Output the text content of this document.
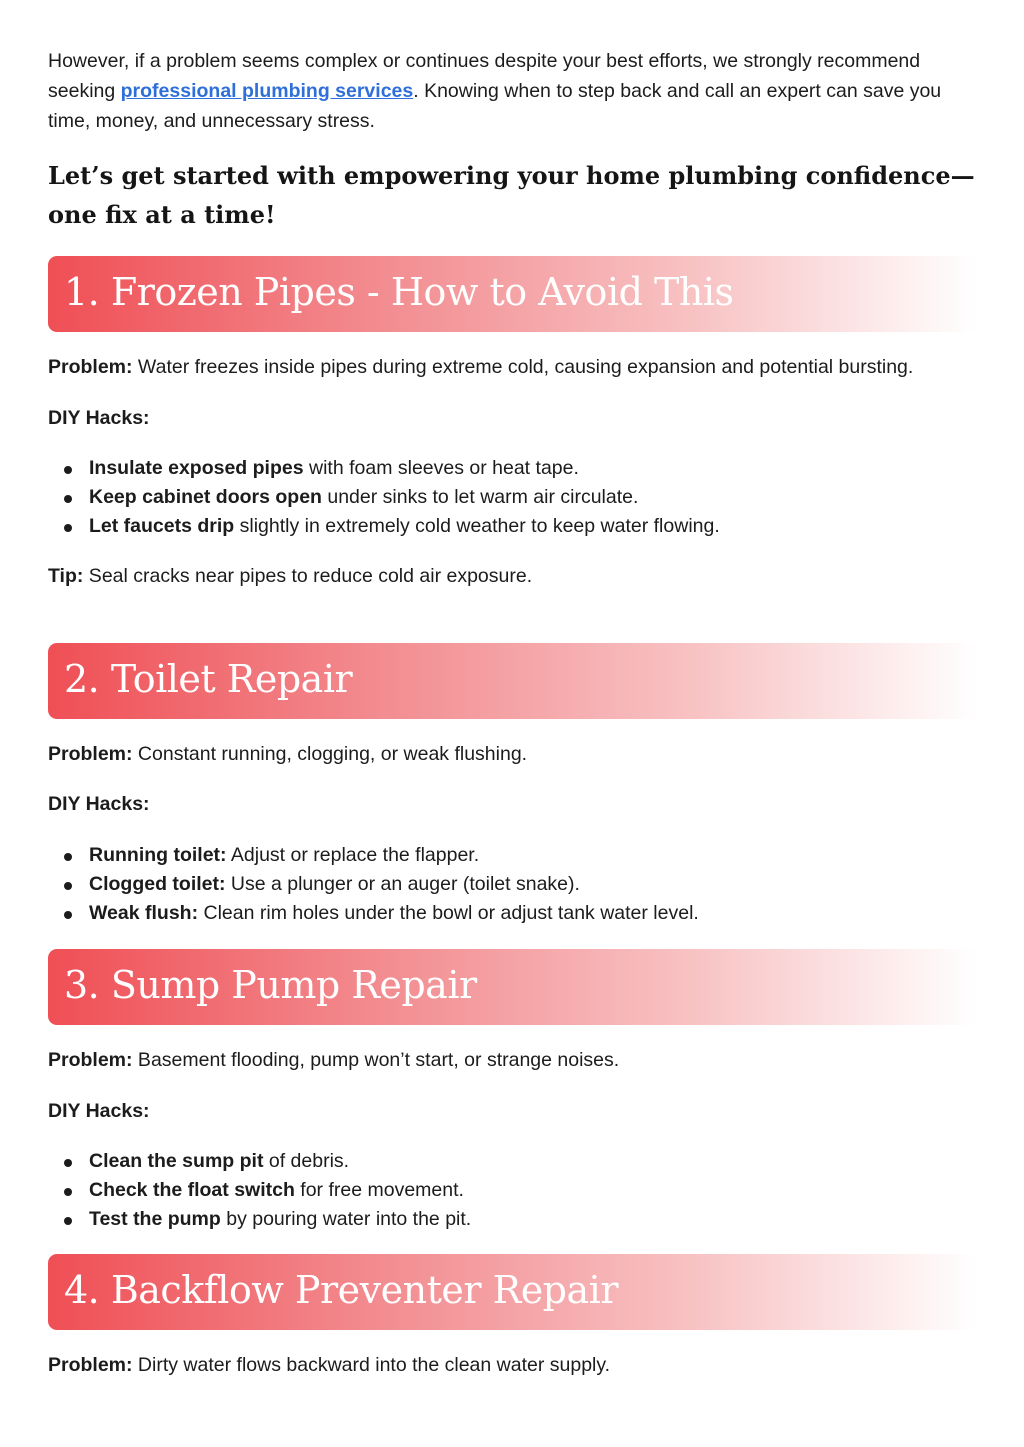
However, if a problem seems complex or continues despite your best efforts, we strongly recommend seeking professional plumbing services. Knowing when to step back and call an expert can save you time, money, and unnecessary stress.

Let’s get started with empowering your home plumbing confidence—one fix at a time!

1. Frozen Pipes - How to Avoid This

Problem: Water freezes inside pipes during extreme cold, causing expansion and potential bursting.

DIY Hacks:

Insulate exposed pipes with foam sleeves or heat tape.
Keep cabinet doors open under sinks to let warm air circulate.
Let faucets drip slightly in extremely cold weather to keep water flowing.

Tip: Seal cracks near pipes to reduce cold air exposure.

2. Toilet Repair

Problem: Constant running, clogging, or weak flushing.

DIY Hacks:

Running toilet: Adjust or replace the flapper.
Clogged toilet: Use a plunger or an auger (toilet snake).
Weak flush: Clean rim holes under the bowl or adjust tank water level.
3. Sump Pump Repair

Problem: Basement flooding, pump won’t start, or strange noises.

DIY Hacks:

Clean the sump pit of debris.
Check the float switch for free movement.
Test the pump by pouring water into the pit.
4. Backflow Preventer Repair

Problem: Dirty water flows backward into the clean water supply.
